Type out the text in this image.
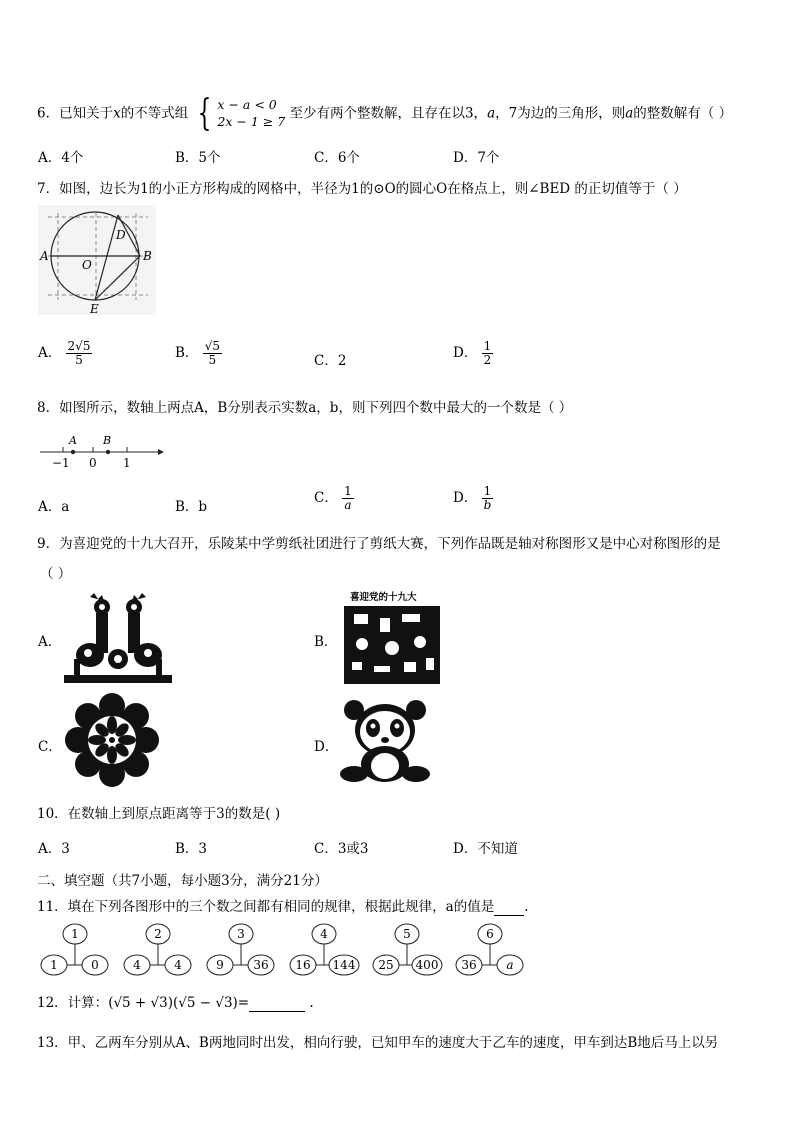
6．已知关于x的不等式组 { x − a < 0
2x − 1 ≥ 7 至少有两个整数解，且存在以3，a，7为边的三角形，则a的整数解有（ ）
A．4个	B．5个	C．6个	D．7个
7．如图，边长为1的小正方形构成的网格中，半径为1的⊙O的圆心O在格点上，则∠BED 的正切值等于（ ）
A	B
D
O
E
A． $\frac{2√5}{5}$	B． $\frac{√5}{5}$	C．2	D． $\frac{1}{2}$
8．如图所示，数轴上两点A，B分别表示实数a，b，则下列四个数中最大的一个数是（ ）
A B
−1 0 1
A．a	B．b
C． $\frac{1}{a}$	D． $\frac{1}{b}$
9．为喜迎党的十九大召开，乐陵某中学剪纸社团进行了剪纸大赛，下列作品既是轴对称图形又是中心对称图形的是
（ ）
A．	B．
喜迎党的十九大
C．	D．
10．在数轴上到原点距离等于3的数是( )
A．3	B．3	C．3或3	D．不知道
二、填空题（共7小题，每小题3分，满分21分）
11．填在下列各图形中的三个数之间都有相同的规律，根据此规律，a的值是 .
1
1	0
2
4	4
3
9 36
4
16 144
5
25 400
6
36 a
12．计算：(√5 + √3)(√5 − √3)=	.
13．甲、乙两车分别从A、B两地同时出发，相向行驶，已知甲车的速度大于乙车的速度，甲车到达B地后马上以另
